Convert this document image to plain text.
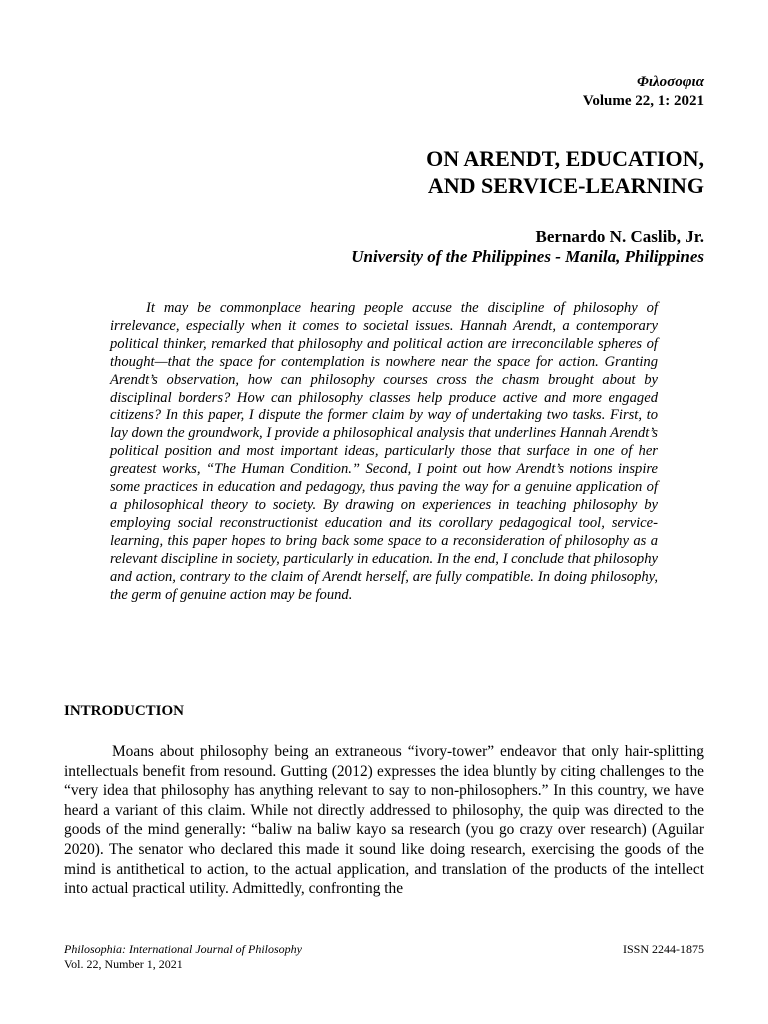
Φιλοσοφια
Volume 22, 1: 2021
ON ARENDT, EDUCATION,
AND SERVICE-LEARNING
Bernardo N. Caslib, Jr.
University of the Philippines - Manila, Philippines

It may be commonplace hearing people accuse the discipline of philosophy of irrelevance, especially when it comes to societal issues. Hannah Arendt, a contemporary political thinker, remarked that philosophy and political action are irreconcilable spheres of thought—that the space for contemplation is nowhere near the space for action. Granting Arendt’s observation, how can philosophy courses cross the chasm brought about by disciplinal borders? How can philosophy classes help produce active and more engaged citizens? In this paper, I dispute the former claim by way of undertaking two tasks. First, to lay down the groundwork, I provide a philosophical analysis that underlines Hannah Arendt’s political position and most important ideas, particularly those that surface in one of her greatest works, “The Human Condition.” Second, I point out how Arendt’s notions inspire some practices in education and pedagogy, thus paving the way for a genuine application of a philosophical theory to society. By drawing on experiences in teaching philosophy by employing social reconstructionist education and its corollary pedagogical tool, service-learning, this paper hopes to bring back some space to a reconsideration of philosophy as a relevant discipline in society, particularly in education. In the end, I conclude that philosophy and action, contrary to the claim of Arendt herself, are fully compatible. In doing philosophy, the germ of genuine action may be found.

INTRODUCTION

Moans about philosophy being an extraneous “ivory-tower” endeavor that only hair-splitting intellectuals benefit from resound. Gutting (2012) expresses the idea bluntly by citing challenges to the “very idea that philosophy has anything relevant to say to non-philosophers.” In this country, we have heard a variant of this claim. While not directly addressed to philosophy, the quip was directed to the goods of the mind generally: “baliw na baliw kayo sa research (you go crazy over research) (Aguilar 2020). The senator who declared this made it sound like doing research, exercising the goods of the mind is antithetical to action, to the actual application, and translation of the products of the intellect into actual practical utility. Admittedly, confronting the

Philosophia: International Journal of Philosophy
Vol. 22, Number 1, 2021
ISSN 2244-1875
